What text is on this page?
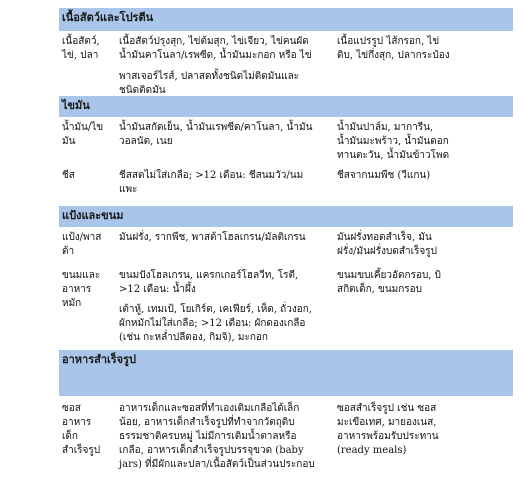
เนื้อสัตว์และโปรตีน
เนื้อสัตว์,
ไข่, ปลา
เนื้อสัตว์ปรุงสุก, ไข่ต้มสุก, ไข่เจียว, ไข่คนผัด
น้ำมันคาโนลา/เรพซีด, น้ำมันมะกอก หรือ ไข่
พาสเจอร์ไรส์, ปลาสดทั้งชนิดไม่ติดมันและ
ชนิดติดมัน
เนื้อแปรรูป ไส้กรอก, ไข่
ดิบ, ไข่กึ่งสุก, ปลากระป๋อง
ไขมัน
น้ำมัน/ไข
มัน
น้ำมันสกัดเย็น, น้ำมันเรพซีด/คาโนลา, น้ำมัน
วอลนัต, เนย
น้ำมันปาล์ม, มาการีน,
น้ำมันมะพร้าว, น้ำมันดอก
ทานตะวัน, น้ำมันข้าวโพด
ชีส	ชีสสดไม่ใส่เกลือ; >12 เดือน: ชีสนมวัว/นม
แพะ
ชีสจากนมพืช (วีแกน)
แป้งและขนม
แป้ง/พาส
ต้า
มันฝรั่ง, รากพืช, พาสต้าโฮลเกรน/มัลติเกรน	มันฝรั่งทอดสำเร็จ, มัน
ฝรั่ง/มันฝรั่งบดสำเร็จรูป
ขนมและ
อาหาร
หมัก
ขนมปังโฮลเกรน, แครกเกอร์โฮลวีท, โรตี,
>12 เดือน: น้ำผึ้ง
เต้าหู้, เทมเป้, โยเกิร์ต, เคเฟียร์, เห็ด, ถั่วงอก,
ผักหมักไม่ใส่เกลือ; >12 เดือน: ผักดองเกลือ
(เช่น กะหล่ำปลีดอง, กิมจิ), มะกอก
ขนมขบเคี้ยวอัดกรอบ, บิ
สกิตเด็ก, ขนมกรอบ
อาหารสำเร็จรูป
ซอส
อาหาร
เด็ก
สำเร็จรูป
อาหารเด็กและซอสที่ทำเองเติมเกลือได้เล็ก
น้อย, อาหารเด็กสำเร็จรูปที่ทำจากวัตถุดิบ
ธรรมชาติครบหมู่ ไม่มีการเติมน้ำตาลหรือ
เกลือ, อาหารเด็กสำเร็จรูปบรรจุขวด (baby
jars) ที่มีผักและปลา/เนื้อสัตว์เป็นส่วนประกอบ
ซอสสำเร็จรูป เช่น ซอส
มะเขือเทศ, มายองเนส,
อาหารพร้อมรับประทาน
(ready meals)
